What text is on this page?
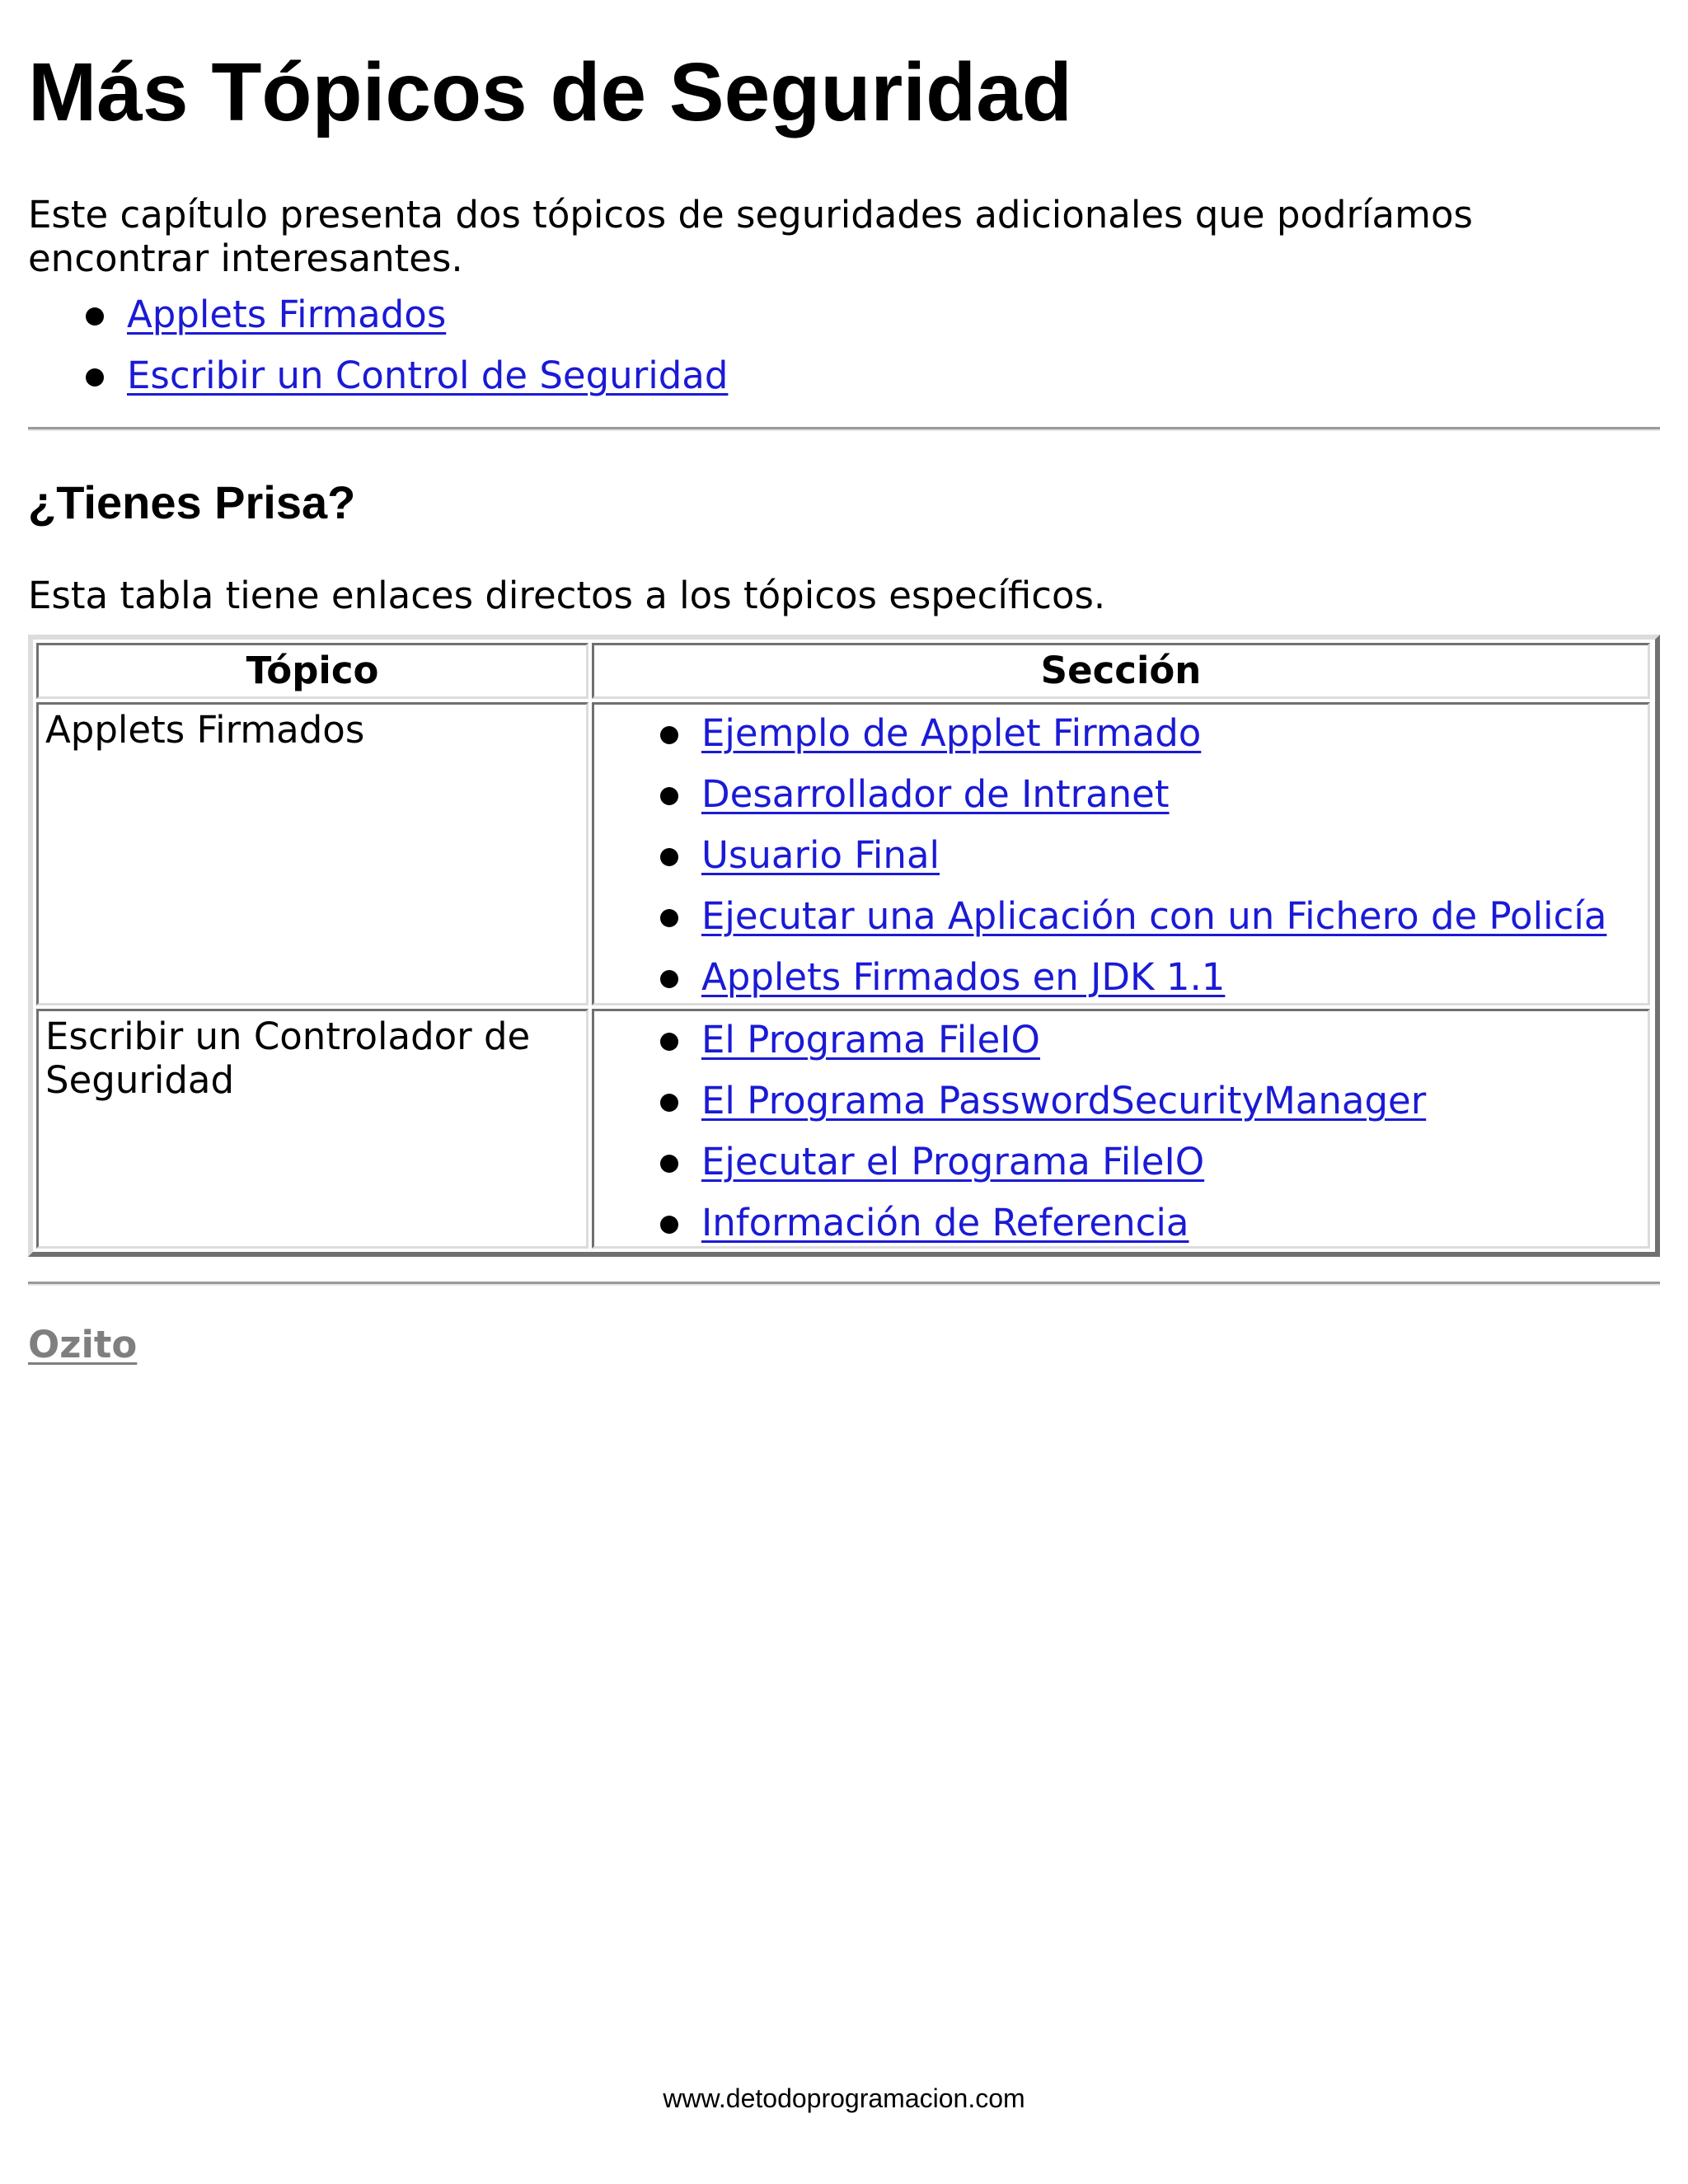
Más Tópicos de Seguridad

Este capítulo presenta dos tópicos de seguridades adicionales que podríamos encontrar interesantes.

Applets Firmados
Escribir un Control de Seguridad
¿Tienes Prisa?

Esta tabla tiene enlaces directos a los tópicos específicos.

Tópico	Sección
Applets Firmados	Ejemplo de Applet Firmado
Desarrollador de Intranet
Usuario Final
Ejecutar una Aplicación con un Fichero de Policía
Applets Firmados en JDK 1.1
Escribir un Controlador de Seguridad
El Programa FileIO
El Programa PasswordSecurityManager
Ejecutar el Programa FileIO
Información de Referencia
Ozito
www.detodoprogramacion.com
